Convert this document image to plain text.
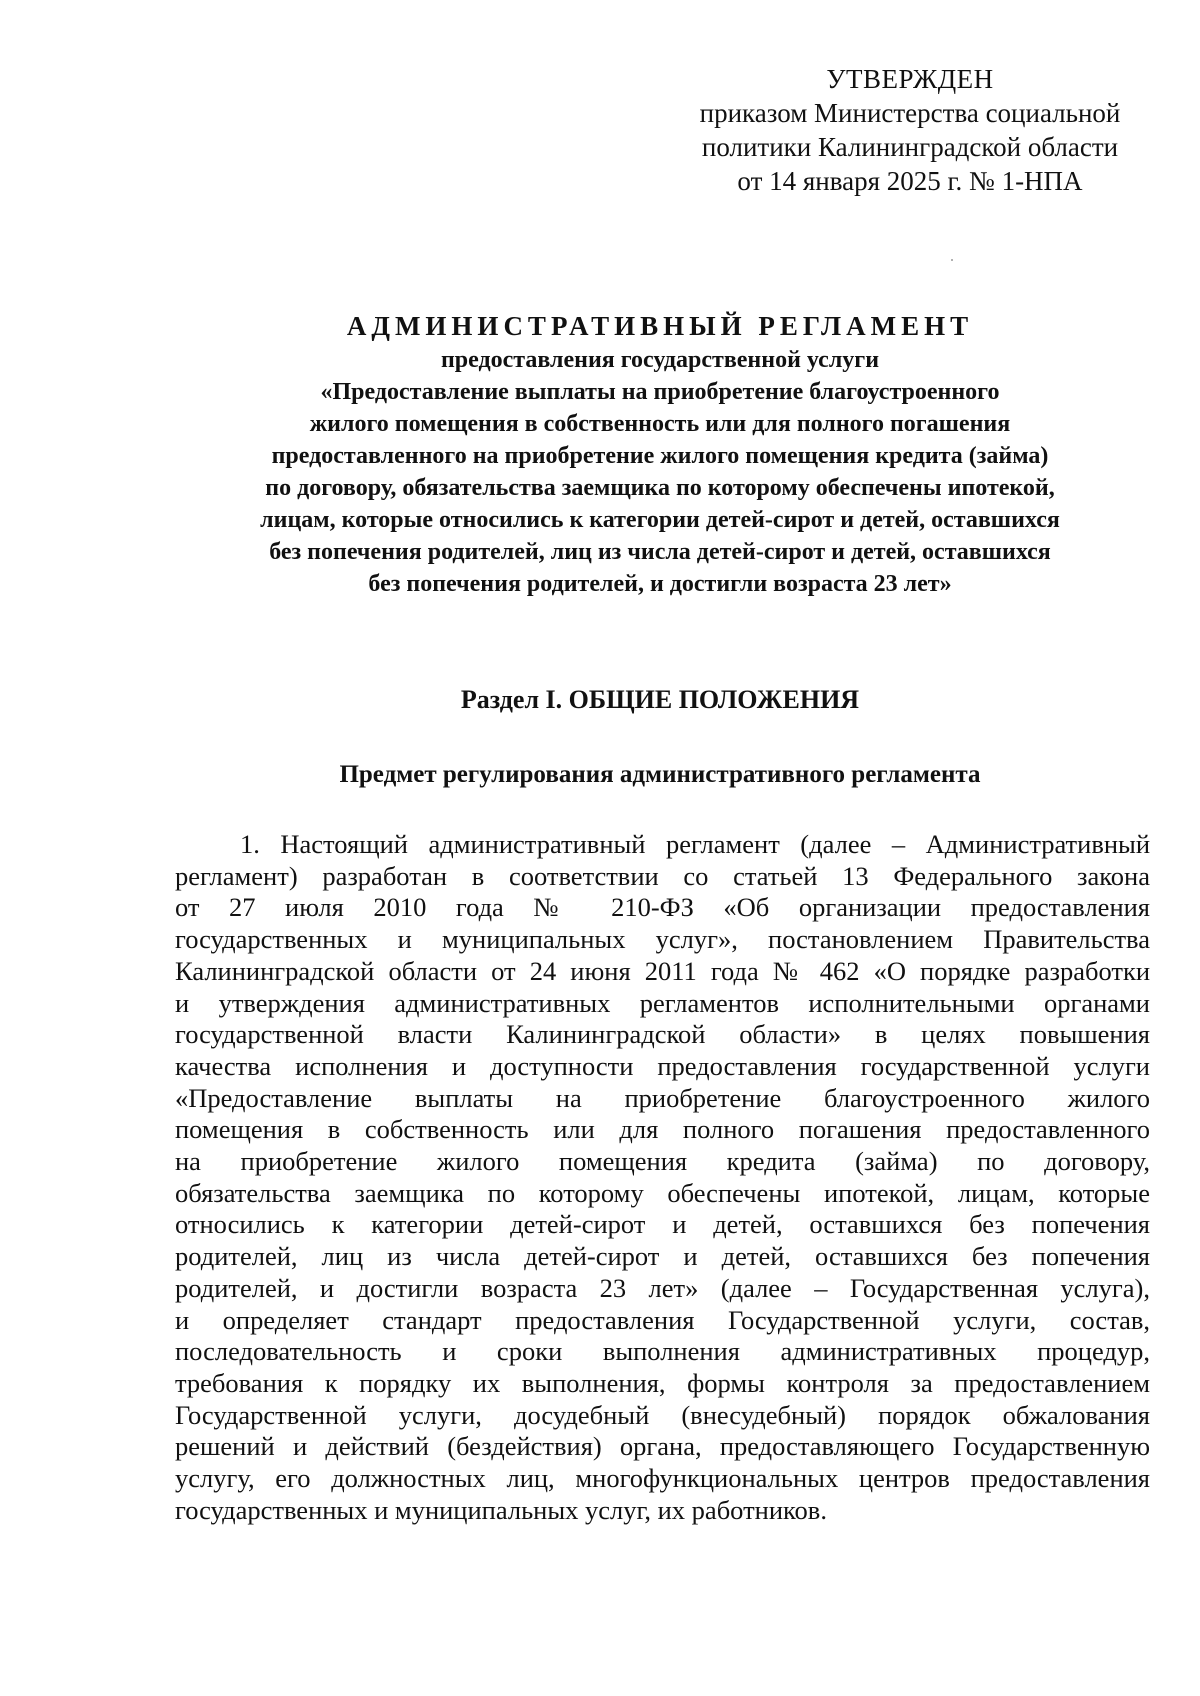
УТВЕРЖДЕН
приказом Министерства социальной
политики Калининградской области
от 14 января 2025 г. № 1-НПА
АДМИНИСТРАТИВНЫЙ РЕГЛАМЕНТ
предоставления государственной услуги
«Предоставление выплаты на приобретение благоустроенного
жилого помещения в собственность или для полного погашения
предоставленного на приобретение жилого помещения кредита (займа)
по договору, обязательства заемщика по которому обеспечены ипотекой,
лицам, которые относились к категории детей-сирот и детей, оставшихся
без попечения родителей, лиц из числа детей-сирот и детей, оставшихся
без попечения родителей, и достигли возраста 23 лет»
Раздел I. ОБЩИЕ ПОЛОЖЕНИЯ
Предмет регулирования административного регламента
1. Настоящий административный регламент (далее – Административный
регламент) разработан в соответствии со статьей 13 Федерального закона
от 27 июля 2010 года № 210-ФЗ «Об организации предоставления
государственных и муниципальных услуг», постановлением Правительства
Калининградской области от 24 июня 2011 года № 462 «О порядке разработки
и утверждения административных регламентов исполнительными органами
государственной власти Калининградской области» в целях повышения
качества исполнения и доступности предоставления государственной услуги
«Предоставление выплаты на приобретение благоустроенного жилого
помещения в собственность или для полного погашения предоставленного
на приобретение жилого помещения кредита (займа) по договору,
обязательства заемщика по которому обеспечены ипотекой, лицам, которые
относились к категории детей-сирот и детей, оставшихся без попечения
родителей, лиц из числа детей-сирот и детей, оставшихся без попечения
родителей, и достигли возраста 23 лет» (далее – Государственная услуга),
и определяет стандарт предоставления Государственной услуги, состав,
последовательность и сроки выполнения административных процедур,
требования к порядку их выполнения, формы контроля за предоставлением
Государственной услуги, досудебный (внесудебный) порядок обжалования
решений и действий (бездействия) органа, предоставляющего Государственную
услугу, его должностных лиц, многофункциональных центров предоставления
государственных и муниципальных услуг, их работников.
